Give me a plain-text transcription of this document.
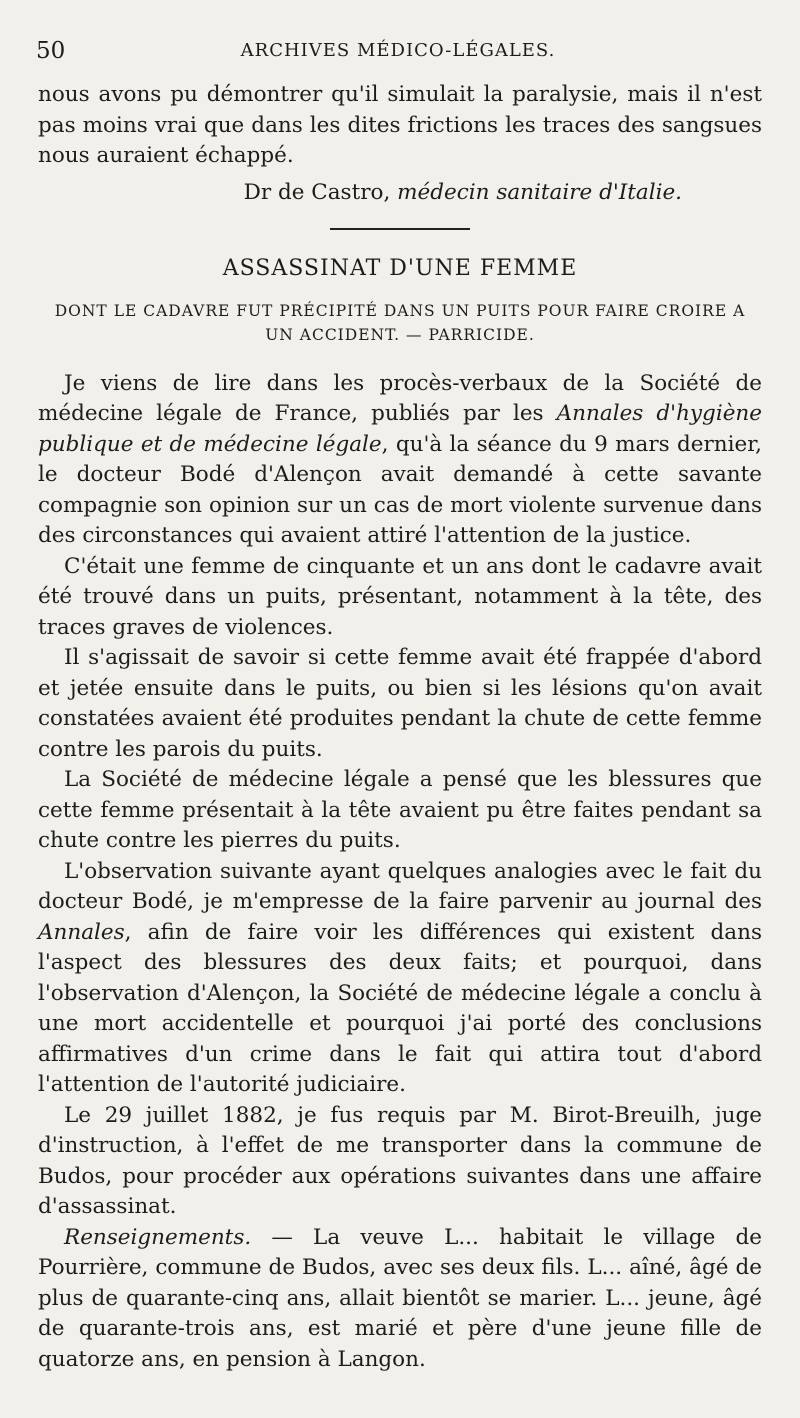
50	ARCHIVES MÉDICO-LÉGALES.

nous avons pu démontrer qu'il simulait la paralysie, mais il n'est pas moins vrai que dans les dites frictions les traces des sangsues nous auraient échappé.

Dr de Castro, médecin sanitaire d'Italie.

ASSASSINAT D'UNE FEMME

DONT LE CADAVRE FUT PRÉCIPITÉ DANS UN PUITS POUR FAIRE CROIRE A UN ACCIDENT. — PARRICIDE.

Je viens de lire dans les procès-verbaux de la Société de médecine légale de France, publiés par les Annales d'hygiène publique et de médecine légale, qu'à la séance du 9 mars dernier, le docteur Bodé d'Alençon avait demandé à cette savante compagnie son opinion sur un cas de mort violente survenue dans des circonstances qui avaient attiré l'attention de la justice.

C'était une femme de cinquante et un ans dont le cadavre avait été trouvé dans un puits, présentant, notamment à la tête, des traces graves de violences.

Il s'agissait de savoir si cette femme avait été frappée d'abord et jetée ensuite dans le puits, ou bien si les lésions qu'on avait constatées avaient été produites pendant la chute de cette femme contre les parois du puits.

La Société de médecine légale a pensé que les blessures que cette femme présentait à la tête avaient pu être faites pendant sa chute contre les pierres du puits.

L'observation suivante ayant quelques analogies avec le fait du docteur Bodé, je m'empresse de la faire parvenir au journal des Annales, afin de faire voir les différences qui existent dans l'aspect des blessures des deux faits; et pourquoi, dans l'observation d'Alençon, la Société de médecine légale a conclu à une mort accidentelle et pourquoi j'ai porté des conclusions affirmatives d'un crime dans le fait qui attira tout d'abord l'attention de l'autorité judiciaire.

Le 29 juillet 1882, je fus requis par M. Birot-Breuilh, juge d'instruction, à l'effet de me transporter dans la commune de Budos, pour procéder aux opérations suivantes dans une affaire d'assassinat.

Renseignements. — La veuve L... habitait le village de Pourrière, commune de Budos, avec ses deux fils. L... aîné, âgé de plus de quarante-cinq ans, allait bientôt se marier. L... jeune, âgé de quarante-trois ans, est marié et père d'une jeune fille de quatorze ans, en pension à Langon.
